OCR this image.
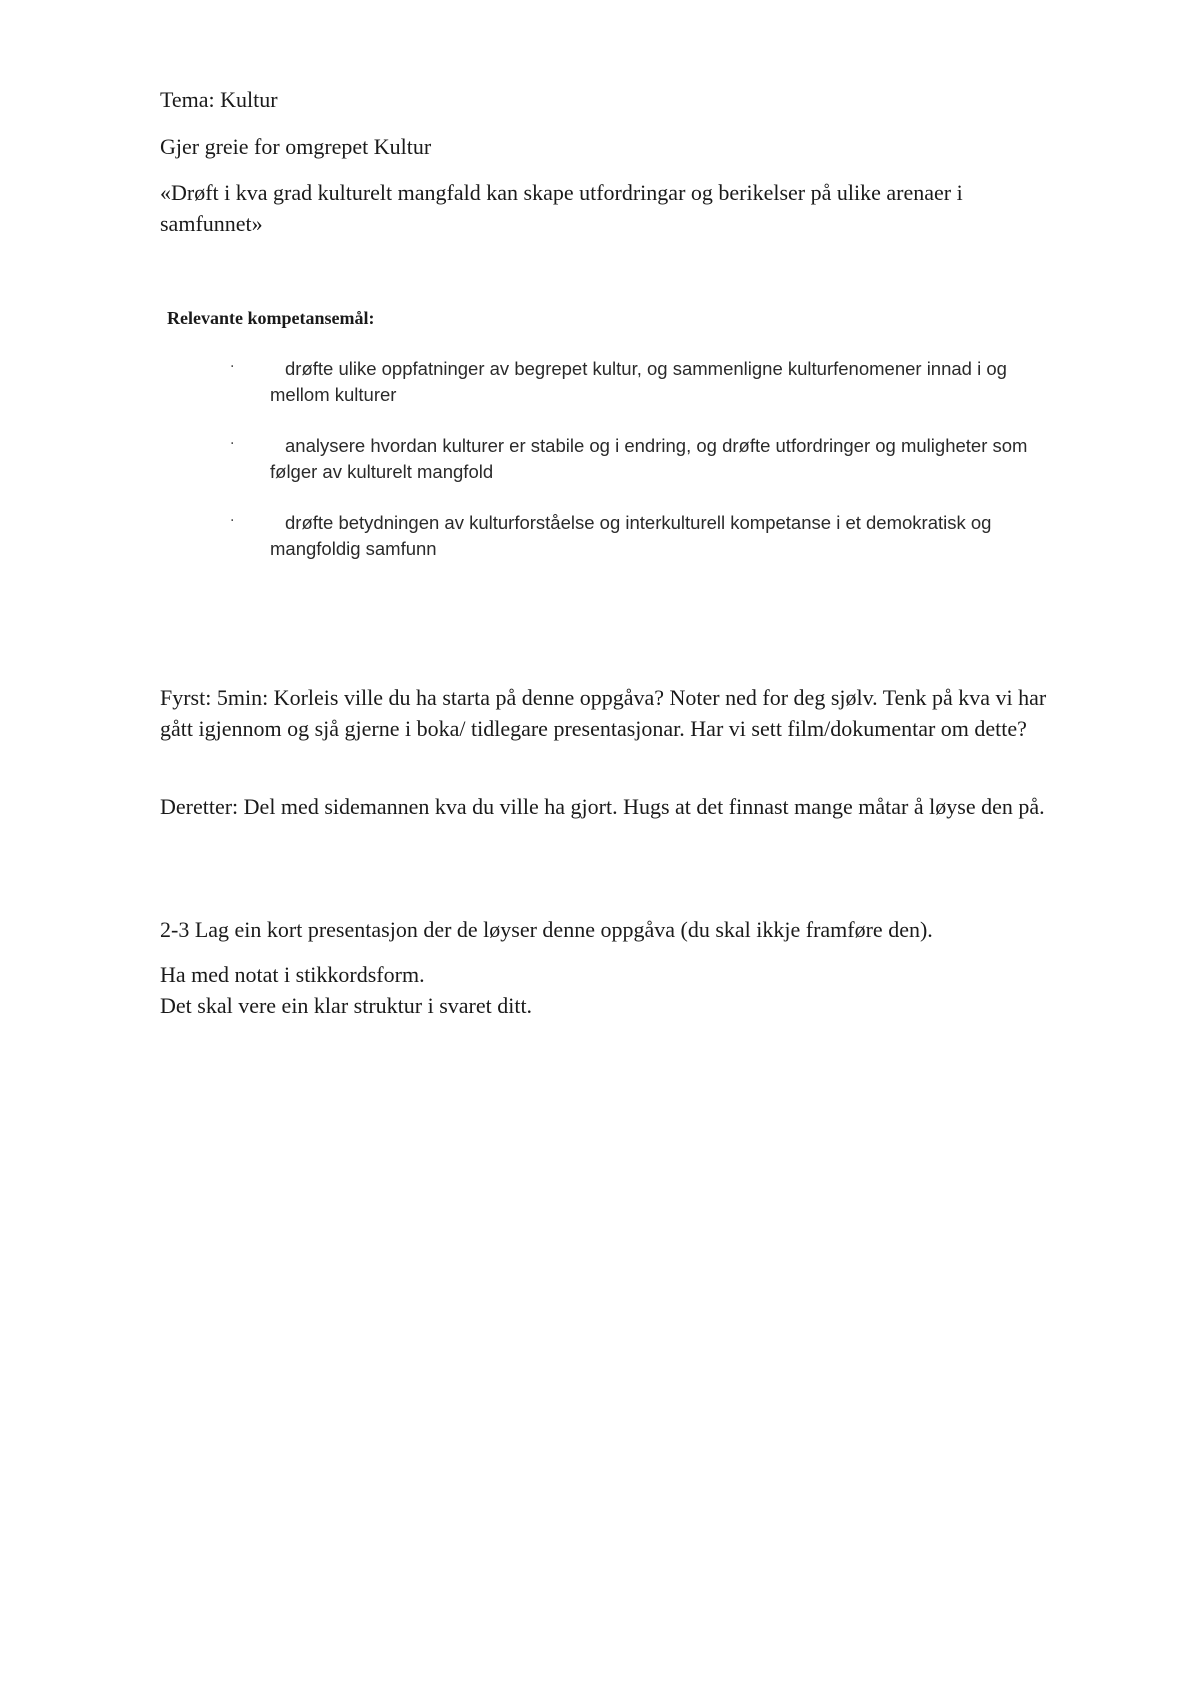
Tema: Kultur

Gjer greie for omgrepet Kultur

«Drøft i kva grad kulturelt mangfald kan skape utfordringar og berikelser på ulike arenaer i samfunnet»

Relevante kompetansemål:

·	drøfte ulike oppfatninger av begrepet kultur, og sammenligne kulturfenomener innad i og mellom kulturer
·	analysere hvordan kulturer er stabile og i endring, og drøfte utfordringer og muligheter som følger av kulturelt mangfold
·	drøfte betydningen av kulturforståelse og interkulturell kompetanse i et demokratisk og mangfoldig samfunn

Fyrst: 5min: Korleis ville du ha starta på denne oppgåva? Noter ned for deg sjølv. Tenk på kva vi har gått igjennom og sjå gjerne i boka/ tidlegare presentasjonar. Har vi sett film/dokumentar om dette?

Deretter: Del med sidemannen kva du ville ha gjort. Hugs at det finnast mange måtar å løyse den på.

2-3 Lag ein kort presentasjon der de løyser denne oppgåva (du skal ikkje framføre den).

Ha med notat i stikkordsform.

Det skal vere ein klar struktur i svaret ditt.
